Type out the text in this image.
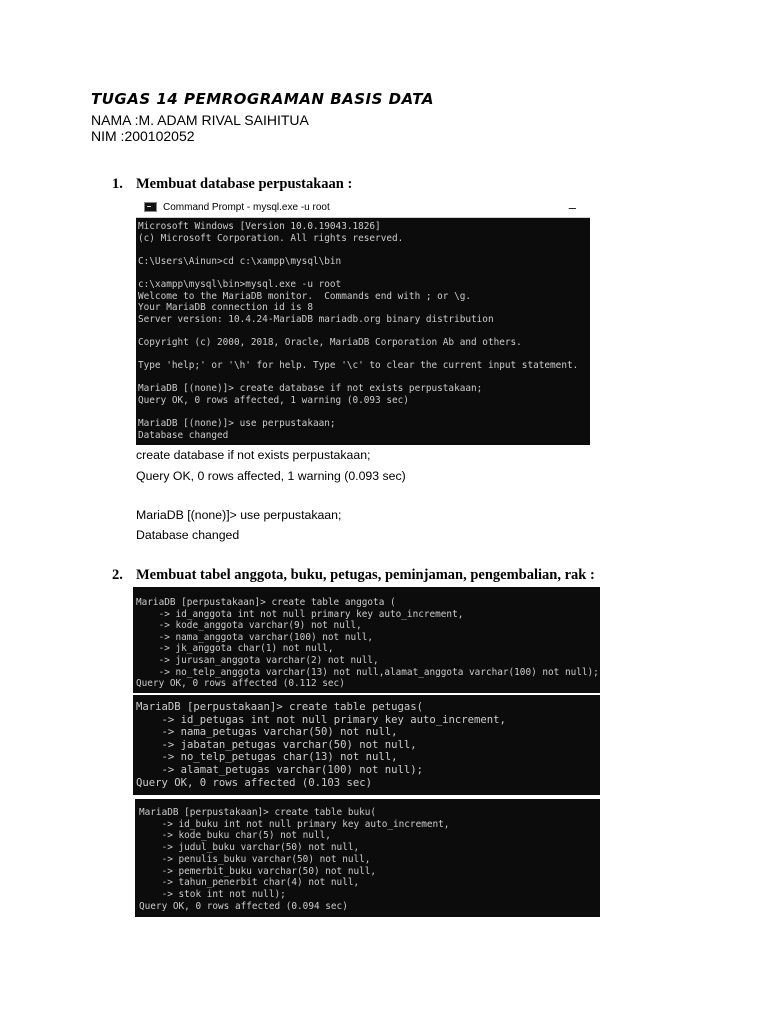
TUGAS 14 PEMROGRAMAN BASIS DATA
NAMA :M. ADAM RIVAL SAIHITUA
NIM :200102052
1. Membuat database perpustakaan :
Command Prompt - mysql.exe -u root	–
Microsoft Windows [Version 10.0.19043.1826]
(c) Microsoft Corporation. All rights reserved.

C:\Users\Ainun>cd c:\xampp\mysql\bin

c:\xampp\mysql\bin>mysql.exe -u root
Welcome to the MariaDB monitor.  Commands end with ; or \g.
Your MariaDB connection id is 8
Server version: 10.4.24-MariaDB mariadb.org binary distribution

Copyright (c) 2000, 2018, Oracle, MariaDB Corporation Ab and others.

Type 'help;' or '\h' for help. Type '\c' to clear the current input statement.

MariaDB [(none)]> create database if not exists perpustakaan;
Query OK, 0 rows affected, 1 warning (0.093 sec)

MariaDB [(none)]> use perpustakaan;
Database changed
create database if not exists perpustakaan;
Query OK, 0 rows affected, 1 warning (0.093 sec)
MariaDB [(none)]> use perpustakaan;
Database changed
2. Membuat tabel anggota, buku, petugas, peminjaman, pengembalian, rak :
MariaDB [perpustakaan]> create table anggota (
-> id_anggota int not null primary key auto_increment,
-> kode_anggota varchar(9) not null,
-> nama_anggota varchar(100) not null,
-> jk_anggota char(1) not null,
-> jurusan_anggota varchar(2) not null,
-> no_telp_anggota varchar(13) not null,alamat_anggota varchar(100) not null);
Query OK, 0 rows affected (0.112 sec)
MariaDB [perpustakaan]> create table petugas(
-> id_petugas int not null primary key auto_increment,
-> nama_petugas varchar(50) not null,
-> jabatan_petugas varchar(50) not null,
-> no_telp_petugas char(13) not null,
-> alamat_petugas varchar(100) not null);
Query OK, 0 rows affected (0.103 sec)
MariaDB [perpustakaan]> create table buku(
-> id_buku int not null primary key auto_increment,
-> kode_buku char(5) not null,
-> judul_buku varchar(50) not null,
-> penulis_buku varchar(50) not null,
-> pemerbit_buku varchar(50) not null,
-> tahun_penerbit char(4) not null,
-> stok int not null);
Query OK, 0 rows affected (0.094 sec)
